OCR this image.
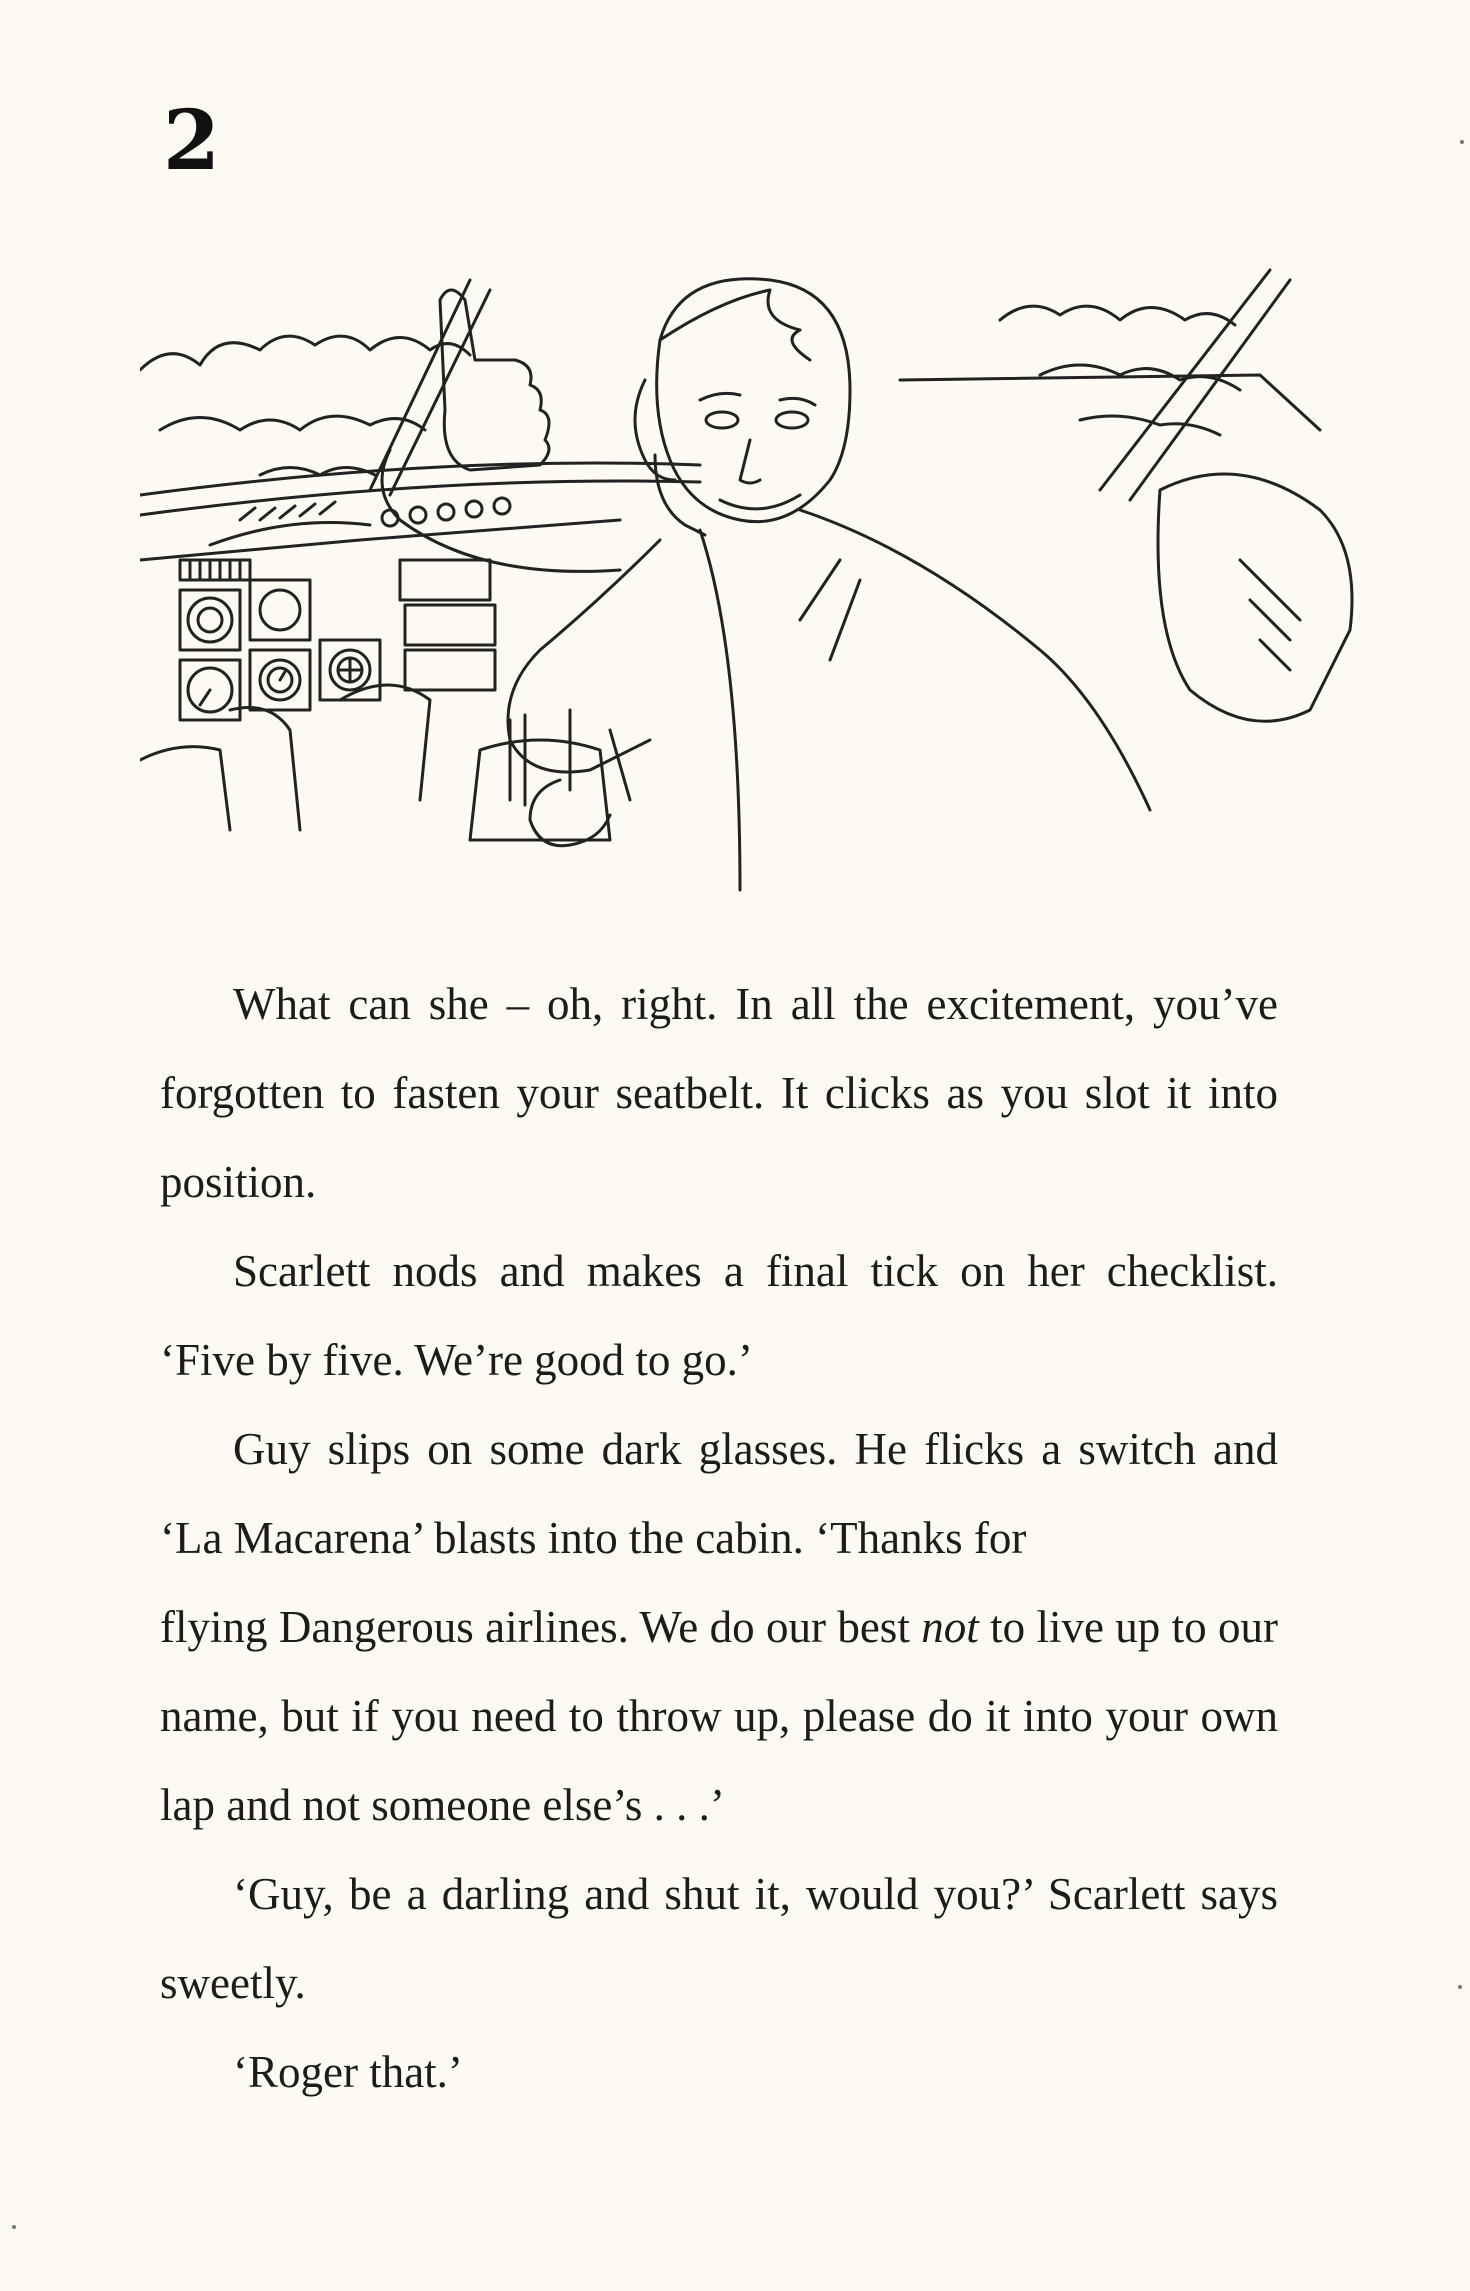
2

What can she – oh, right. In all the excitement, you’ve forgotten to fasten your seatbelt. It clicks as you slot it into position.

Scarlett nods and makes a final tick on her checklist. ‘Five by five. We’re good to go.’

Guy slips on some dark glasses. He flicks a switch and ‘La Macarena’ blasts into the cabin. ‘Thanks for

flying Dangerous airlines. We do our best not to live up to our name, but if you need to throw up, please do it into your own lap and not someone else’s . . .’

‘Guy, be a darling and shut it, would you?’ Scarlett says sweetly.

‘Roger that.’
